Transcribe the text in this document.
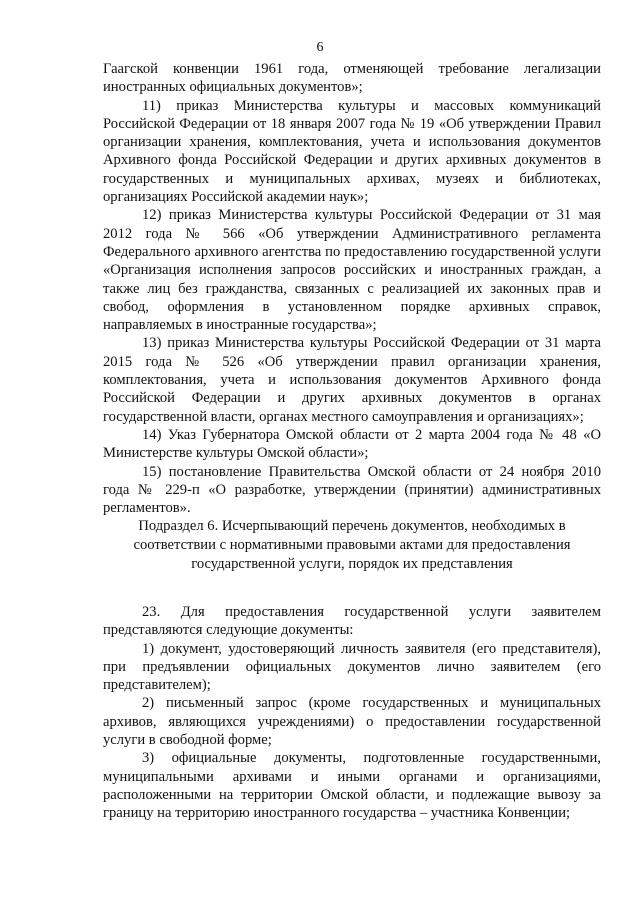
6

Гаагской конвенции 1961 года, отменяющей требование легализации иностранных официальных документов»;

11) приказ Министерства культуры и массовых коммуникаций Российской Федерации от 18 января 2007 года № 19 «Об утверждении Правил организации хранения, комплектования, учета и использования документов Архивного фонда Российской Федерации и других архивных документов в государственных и муниципальных архивах, музеях и библиотеках, организациях Российской академии наук»;

12) приказ Министерства культуры Российской Федерации от 31 мая 2012 года № 566 «Об утверждении Административного регламента Федерального архивного агентства по предоставлению государственной услуги «Организация исполнения запросов российских и иностранных граждан, а также лиц без гражданства, связанных с реализацией их законных прав и свобод, оформления в установленном порядке архивных справок, направляемых в иностранные государства»;

13) приказ Министерства культуры Российской Федерации от 31 марта 2015 года № 526 «Об утверждении правил организации хранения, комплектования, учета и использования документов Архивного фонда Российской Федерации и других архивных документов в органах государственной власти, органах местного самоуправления и организациях»;

14) Указ Губернатора Омской области от 2 марта 2004 года № 48 «О Министерстве культуры Омской области»;

15) постановление Правительства Омской области от 24 ноября 2010 года № 229-п «О разработке, утверждении (принятии) административных регламентов».

Подраздел 6. Исчерпывающий перечень документов, необходимых в
соответствии с нормативными правовыми актами для предоставления
государственной услуги, порядок их представления

23. Для предоставления государственной услуги заявителем представляются следующие документы:

1) документ, удостоверяющий личность заявителя (его представителя), при предъявлении официальных документов лично заявителем (его представителем);

2) письменный запрос (кроме государственных и муниципальных архивов, являющихся учреждениями) о предоставлении государственной услуги в свободной форме;

3) официальные документы, подготовленные государственными, муниципальными архивами и иными органами и организациями, расположенными на территории Омской области, и подлежащие вывозу за границу на территорию иностранного государства – участника Конвенции;
